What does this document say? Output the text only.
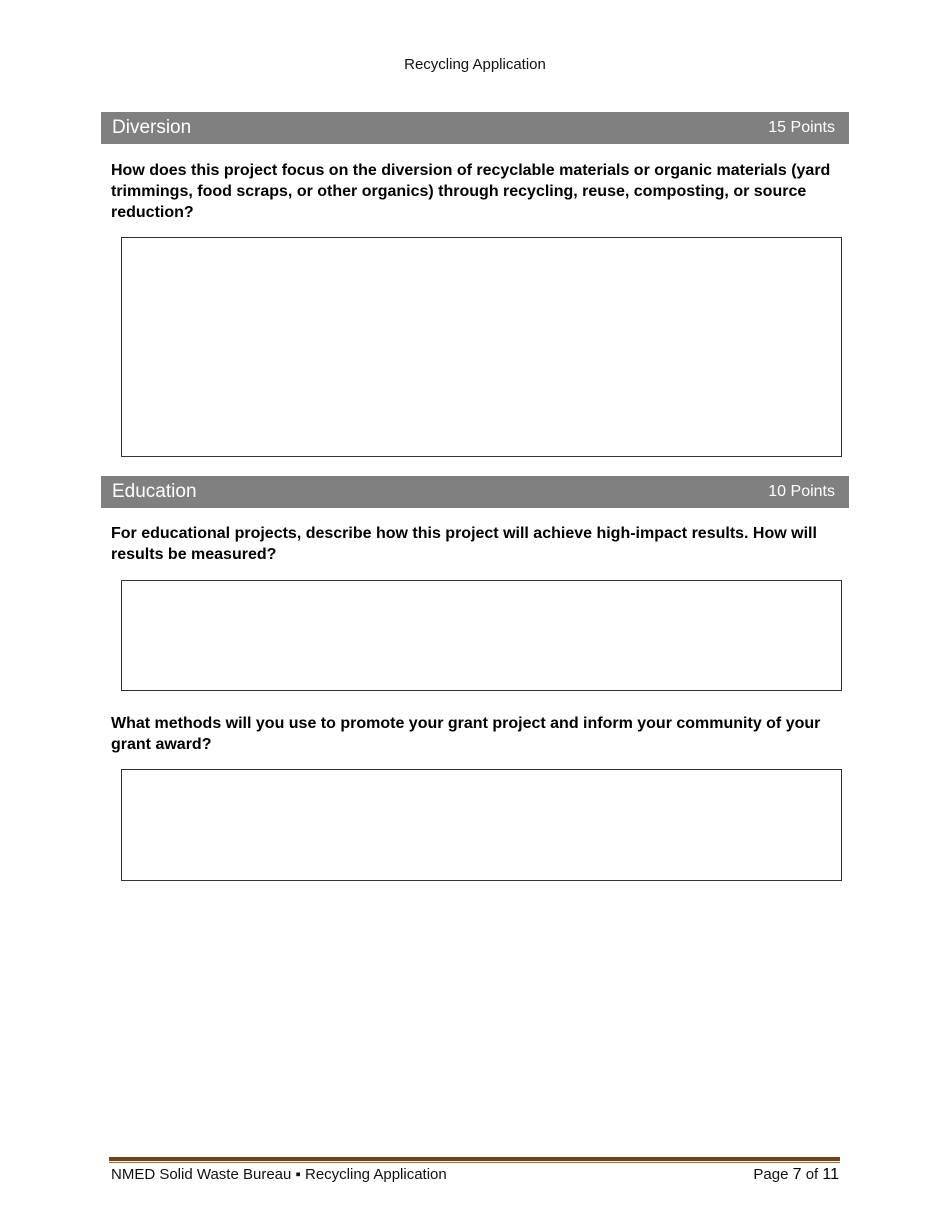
Recycling Application
Diversion	15 Points
How does this project focus on the diversion of recyclable materials or organic materials (yard trimmings, food scraps, or other organics) through recycling, reuse, composting, or source reduction?
Education	10 Points
For educational projects, describe how this project will achieve high-impact results. How will results be measured?
What methods will you use to promote your grant project and inform your community of your grant award?
NMED Solid Waste Bureau ▪ Recycling Application	Page 7 of 11
